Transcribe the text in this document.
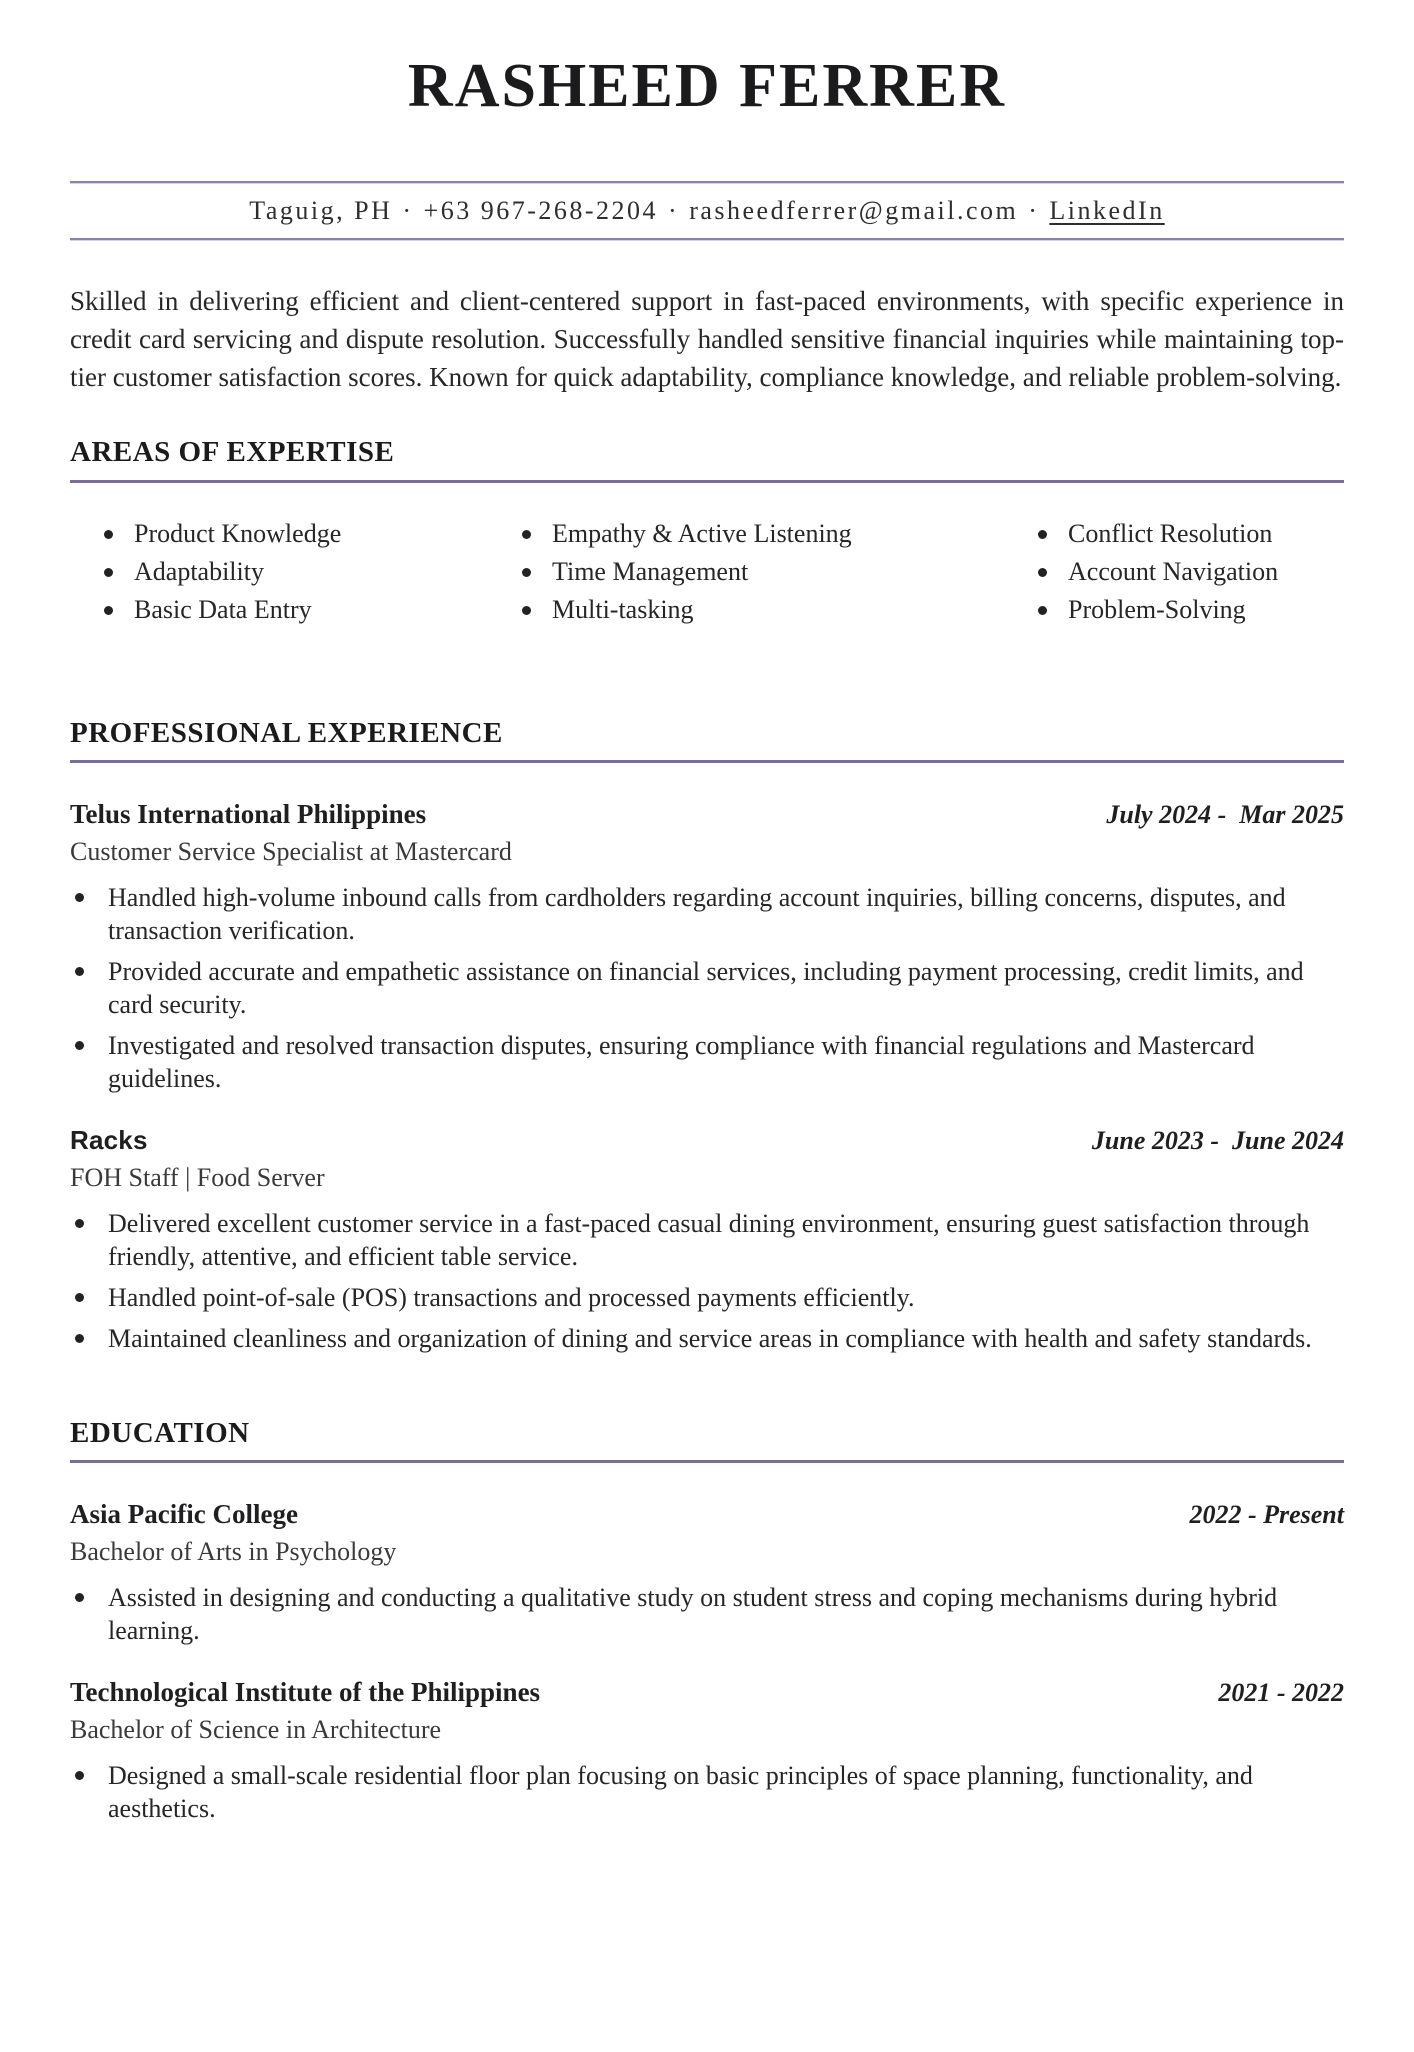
RASHEED FERRER
Taguig, PH · +63 967-268-2204 · rasheedferrer@gmail.com · LinkedIn

Skilled in delivering efficient and client-centered support in fast-paced environments, with specific experience in credit card servicing and dispute resolution. Successfully handled sensitive financial inquiries while maintaining top-tier customer satisfaction scores. Known for quick adaptability, compliance knowledge, and reliable problem-solving.

AREAS OF EXPERTISE
Product Knowledge
Adaptability
Basic Data Entry
Empathy & Active Listening
Time Management
Multi-tasking
Conflict Resolution
Account Navigation
Problem-Solving
PROFESSIONAL EXPERIENCE
Telus International Philippines	July 2024 -  Mar 2025
Customer Service Specialist at Mastercard
Handled high-volume inbound calls from cardholders regarding account inquiries, billing concerns, disputes, and transaction verification.
Provided accurate and empathetic assistance on financial services, including payment processing, credit limits, and card security.
Investigated and resolved transaction disputes, ensuring compliance with financial regulations and Mastercard guidelines.
Racks	June 2023 -  June 2024
FOH Staff | Food Server
Delivered excellent customer service in a fast-paced casual dining environment, ensuring guest satisfaction through friendly, attentive, and efficient table service.
Handled point-of-sale (POS) transactions and processed payments efficiently.
Maintained cleanliness and organization of dining and service areas in compliance with health and safety standards.
EDUCATION
Asia Pacific College	2022 - Present
Bachelor of Arts in Psychology
Assisted in designing and conducting a qualitative study on student stress and coping mechanisms during hybrid learning.
Technological Institute of the Philippines	2021 - 2022
Bachelor of Science in Architecture
Designed a small-scale residential floor plan focusing on basic principles of space planning, functionality, and aesthetics.
